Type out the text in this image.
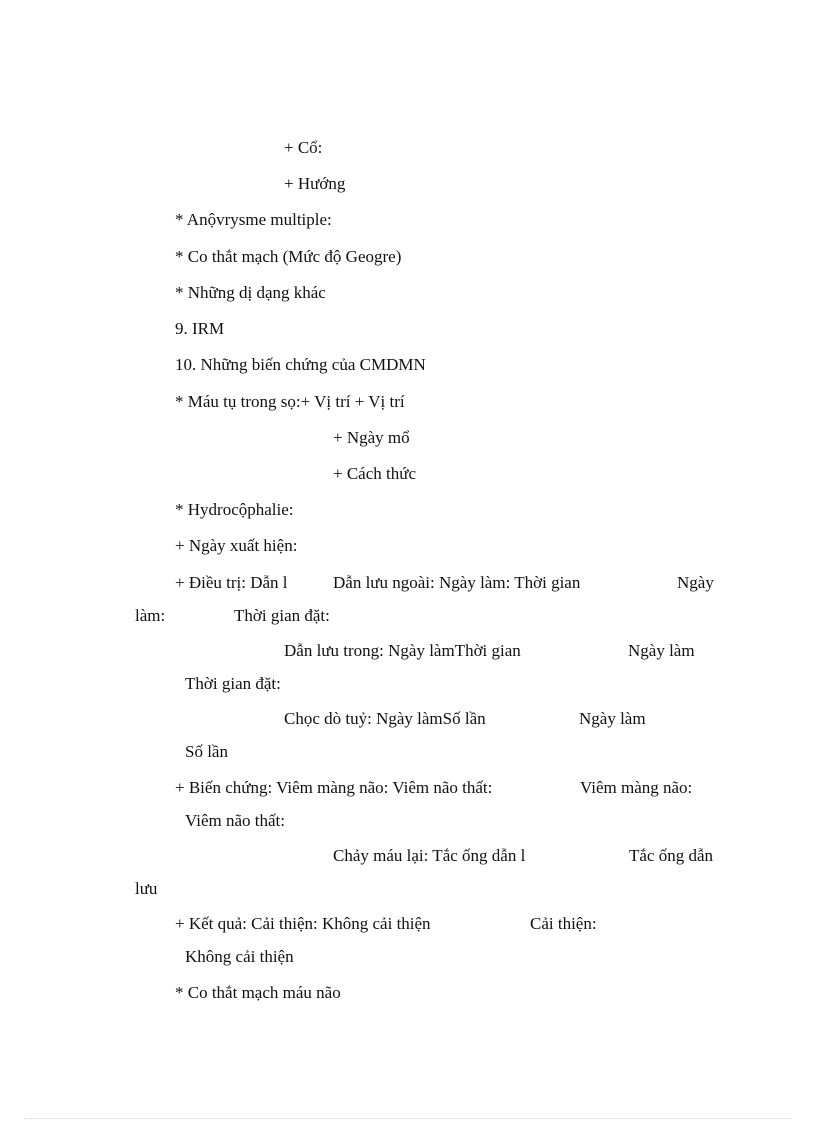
+ Cổ:
+ Hướng
* Anộvrysme multiple:
* Co thắt mạch (Mức độ Geogre)
* Những dị dạng khác
9. IRM
10. Những biến chứng của CMDMN
* Máu tụ trong sọ:+ Vị trí + Vị trí
+ Ngày mổ
+ Cách thức
* Hydrocộphalie:
+ Ngày xuất hiện:
+ Điều trị: Dẫn l	Dẫn lưu ngoài: Ngày làm: Thời gian	Ngày
làm:	Thời gian đặt:
Dẫn lưu trong: Ngày làmThời gian	Ngày làm
Thời gian đặt:
Chọc dò tuỷ: Ngày làmSố lần	Ngày làm
Số lần
+ Biến chứng: Viêm màng não: Viêm não thất:	Viêm màng não:
Viêm não thất:
Chảy máu lại: Tắc ống dẫn l	Tắc ống dẫn
lưu
+ Kết quả: Cải thiện: Không cải thiện	Cải thiện:
Không cải thiện
* Co thắt mạch máu não
